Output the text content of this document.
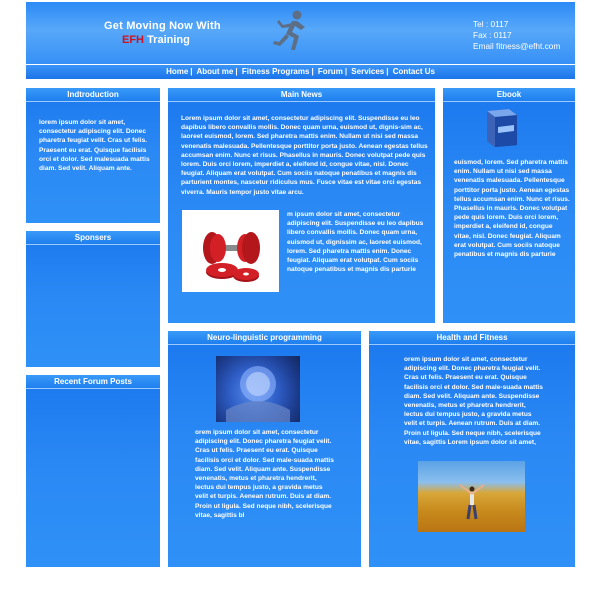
Get Moving Now With
EFH Training
Tel : 0117
Fax : 0117
Email fitness@efht.com
Home | About me | Fitness Programs | Forum | Services | Contact Us
Indtroduction
lorem ipsum dolor sit amet, consectetur adipiscing elit. Donec pharetra feugiat velit. Cras ut felis. Praesent eu erat. Quisque facilisis orci et dolor. Sed malesuada mattis diam. Sed velit. Aliquam ante.
Sponsers
Recent Forum Posts
Main News
Lorem ipsum dolor sit amet, consectetur adipiscing elit. Suspendisse eu leo dapibus libero convallis mollis. Donec quam urna, euismod ut, dignis-sim ac, laoreet euismod, lorem. Sed pharetra mattis enim. Nullam ut nisi sed massa venenatis malesuada. Pellentesque porttitor porta justo. Aenean egestas tellus accumsan enim. Nunc et risus. Phasellus in mauris. Donec volutpat pede quis lorem. Duis orci lorem, imperdiet a, eleifend id, congue vitae, nisl. Donec feugiat. Aliquam erat volutpat. Cum sociis natoque penatibus et magnis dis parturient montes, nascetur ridiculus mus. Fusce vitae est vitae orci egestas viverra. Mauris tempor justo vitae arcu.
m ipsum dolor sit amet, consectetur adipiscing elit. Suspendisse eu leo dapibus libero convallis mollis. Donec quam urna, euismod ut, dignissim ac, laoreet euismod, lorem. Sed pharetra mattis enim. Donec feugiat. Aliquam erat volutpat. Cum sociis natoque penatibus et magnis dis parturie
Ebook
euismod, lorem. Sed pharetra mattis enim. Nullam ut nisi sed massa venenatis malesuada. Pellentesque porttitor porta justo. Aenean egestas tellus accumsan enim. Nunc et risus. Phasellus in mauris. Donec volutpat pede quis lorem. Duis orci lorem, imperdiet a, eleifend id, congue vitae, nisl. Donec feugiat. Aliquam erat volutpat. Cum sociis natoque penatibus et magnis dis parturie
Neuro-linguistic programming
orem ipsum dolor sit amet, consectetur adipiscing elit. Donec pharetra feugiat velit. Cras ut felis. Praesent eu erat. Quisque facilisis orci et dolor. Sed male-suada mattis diam. Sed velit. Aliquam ante. Suspendisse venenatis, metus et pharetra hendrerit, lectus dui tempus justo, a gravida metus velit et turpis. Aenean rutrum. Duis at diam. Proin ut ligula. Sed neque nibh, scelerisque vitae, sagittis bl
Health and Fitness
orem ipsum dolor sit amet, consectetur adipiscing elit. Donec pharetra feugiat velit. Cras ut felis. Praesent eu erat. Quisque facilisis orci et dolor. Sed male-suada mattis diam. Sed velit. Aliquam ante. Suspendisse venenatis, metus et pharetra hendrerit, lectus dui tempus justo, a gravida metus velit et turpis. Aenean rutrum. Duis at diam. Proin ut ligula. Sed neque nibh, scelerisque vitae, sagittis Lorem ipsum dolor sit amet,
